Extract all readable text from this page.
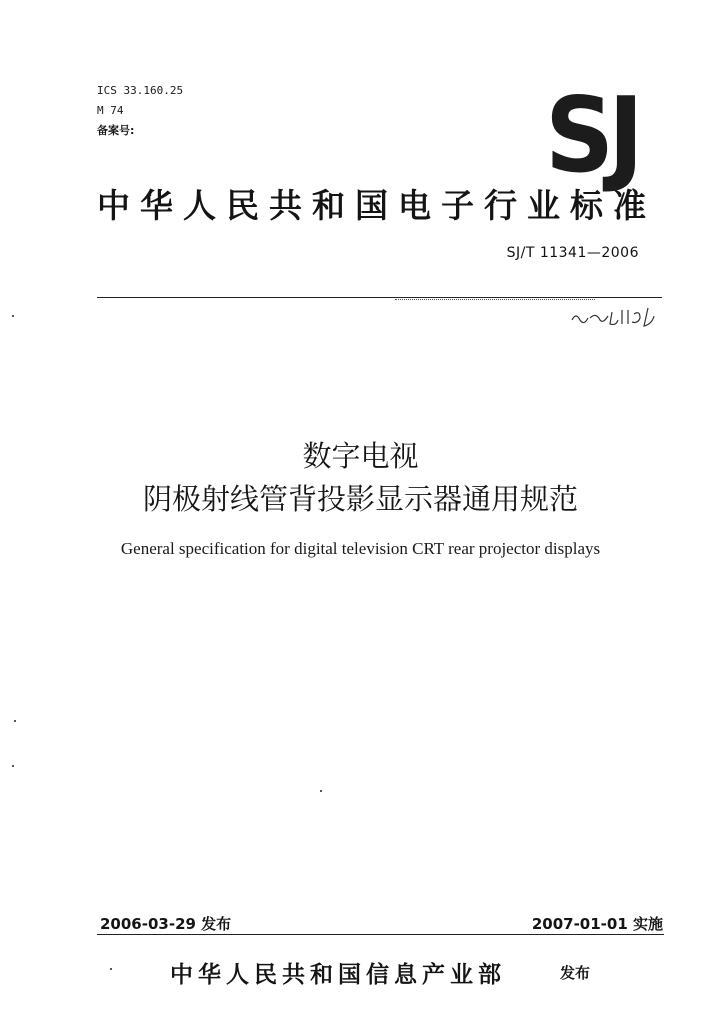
ICS 33.160.25
M 74
备案号:	SJ
中华人民共和国电子行业标准
SJ/T 11341—2006
数字电视
阴极射线管背投影显示器通用规范
General specification for digital television CRT rear projector displays
2006-03-29 发布	2007-01-01 实施
中华人民共和国信息产业部	发布
